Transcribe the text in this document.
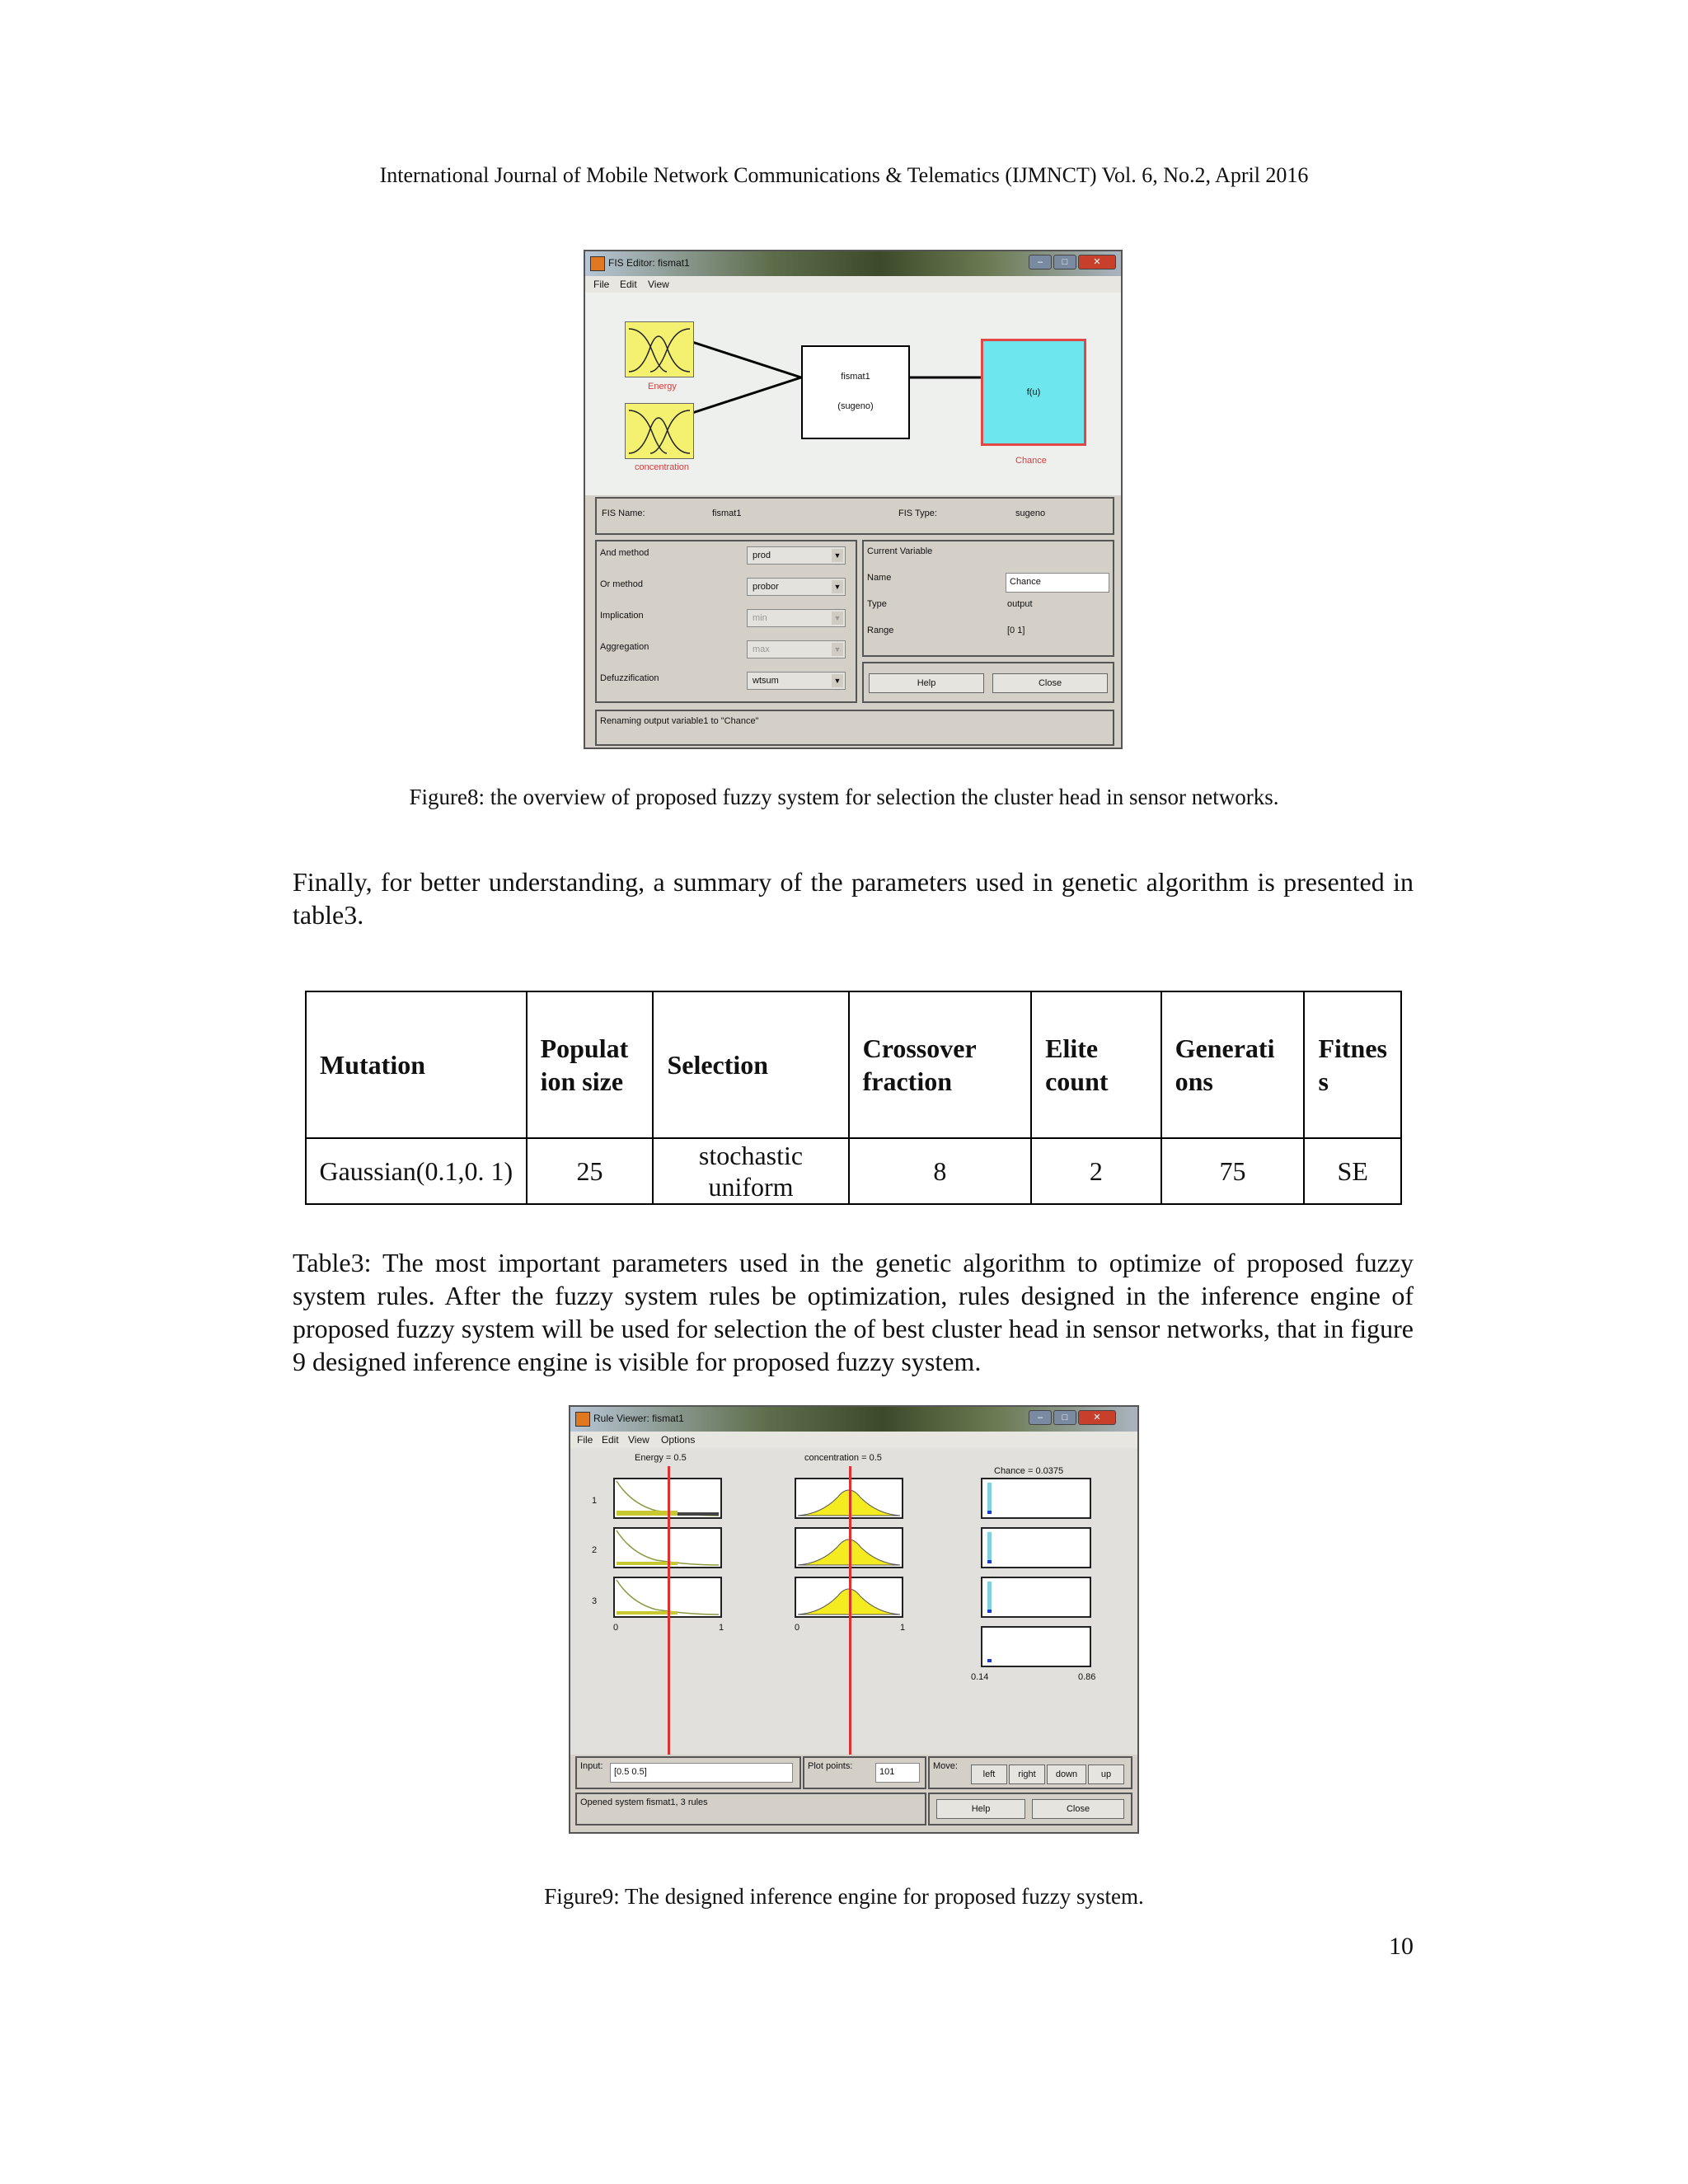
International Journal of Mobile Network Communications & Telematics (IJMNCT) Vol. 6, No.2, April 2016
FIS Editor: fismat1	–	□	✕
File Edit View
Energy
concentration
fismat1
(sugeno)
f(u)
Chance
FIS Name:	fismat1	FIS Type:	sugeno
And method	prod	▼
Or method	probor	▼
Implication	min	▼
Aggregation	max	▼
Defuzzification	wtsum	▼
Current Variable
Name	Chance
Type	output
Range	[0 1]
Help	Close
Renaming output variable1 to "Chance"
Figure8: the overview of proposed fuzzy system for selection the cluster head in sensor networks.
Finally, for better understanding, a summary of the parameters used in genetic algorithm is presented in table3.
Mutation	Populat ion size	Selection	Crossover fraction	Elite count	Generati ons	Fitnes s
Gaussian(0.1,0. 1)	25	stochastic uniform	8	2	75	SE
Table3: The most important parameters used in the genetic algorithm to optimize of proposed fuzzy system rules. After the fuzzy system rules be optimization, rules designed in the inference engine of proposed fuzzy system will be used for selection the of best cluster head in sensor networks, that in figure 9 designed inference engine is visible for proposed fuzzy system.
Rule Viewer: fismat1	–	□	✕
File Edit View Options
Energy = 0.5	concentration = 0.5
Chance = 0.0375
1
2
3
0	1	0	1
0.14	0.86
Input:
[0.5 0.5]
Plot points:
101
Move:
left	right	down	up
Opened system fismat1, 3 rules
Help	Close
Figure9: The designed inference engine for proposed fuzzy system.
10
